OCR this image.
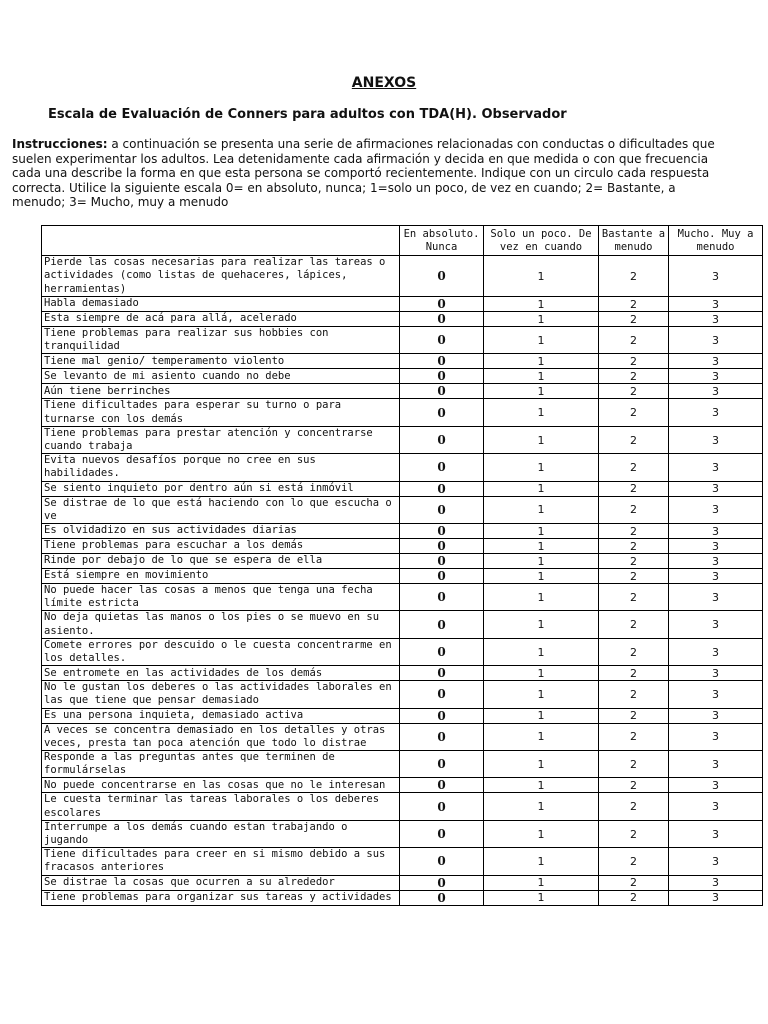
ANEXOS
Escala de Evaluación de Conners para adultos con TDA(H). Observador
Instrucciones: a continuación se presenta una serie de afirmaciones relacionadas con conductas o dificultades que suelen experimentar los adultos. Lea detenidamente cada afirmación y decida en que medida o con que frecuencia cada una describe la forma en que esta persona se comportó recientemente. Indique con un circulo cada respuesta correcta. Utilice la siguiente escala 0= en absoluto, nunca; 1=solo un poco, de vez en cuando; 2= Bastante, a menudo; 3= Mucho, muy a menudo
	En absoluto. Nunca	Solo un poco. De vez en cuando	Bastante a menudo	Mucho. Muy a menudo
Pierde las cosas necesarias para realizar las tareas o actividades (como listas de quehaceres, lápices, herramientas)	0	1	2	3
Habla demasiado	0	1	2	3
Esta siempre de acá para allá, acelerado	0	1	2	3
Tiene problemas para realizar sus hobbies con tranquilidad	0	1	2	3
Tiene mal genio/ temperamento violento	0	1	2	3
Se levanto de mi asiento cuando no debe	0	1	2	3
Aún tiene berrinches	0	1	2	3
Tiene dificultades para esperar su turno o para turnarse con los demás	0	1	2	3
Tiene problemas para prestar atención y concentrarse cuando trabaja	0	1	2	3
Evita nuevos desafíos porque no cree en sus habilidades.	0	1	2	3
Se siento inquieto por dentro aún si está inmóvil	0	1	2	3
Se distrae de lo que está haciendo con lo que escucha o ve	0	1	2	3
Es olvidadizo en sus actividades diarias	0	1	2	3
Tiene problemas para escuchar a los demás	0	1	2	3
Rinde por debajo de lo que se espera de ella	0	1	2	3
Está siempre en movimiento	0	1	2	3
No puede hacer las cosas a menos que tenga una fecha límite estricta	0	1	2	3
No deja quietas las manos o los pies o se muevo en su asiento.	0	1	2	3
Comete errores por descuido o le cuesta concentrarme en los detalles.	0	1	2	3
Se entromete en las actividades de los demás	0	1	2	3
No le gustan los deberes o las actividades laborales en las que tiene que pensar demasiado	0	1	2	3
Es una persona inquieta, demasiado activa	0	1	2	3
A veces se concentra demasiado en los detalles y otras veces, presta tan poca atención que todo lo distrae	0	1	2	3
Responde a las preguntas antes que terminen de formulárselas	0	1	2	3
No puede concentrarse en las cosas que no le interesan	0	1	2	3
Le cuesta terminar las tareas laborales o los deberes escolares	0	1	2	3
Interrumpe a los demás cuando estan trabajando o jugando	0	1	2	3
Tiene dificultades para creer en si mismo debido a sus fracasos anteriores	0	1	2	3
Se distrae la cosas que ocurren a su alrededor	0	1	2	3
Tiene problemas para organizar sus tareas y actividades	0	1	2	3
